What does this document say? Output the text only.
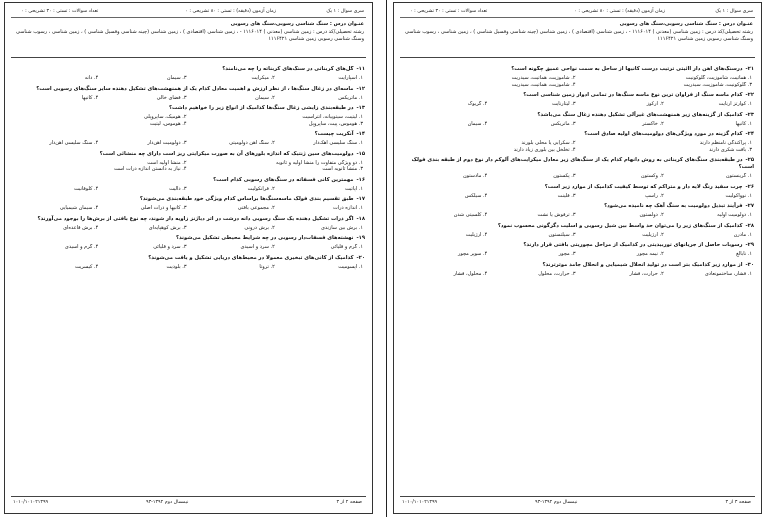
سری سوال : ۱ یک
زمان آزمون (دقیقه) : تستی : ۸۰ تشریحی : ۰
تعداد سوالات : تستی : ۳۰ تشریحی : ۰
عنـوان درس : سنگ شناسی رسوبی،سنگ های رسوبی
رشته تحصیلی/کد درس : زمین شناسی (معدنی ) ۱۱۱۶۰۱۴ - ، زمین شناسی (اقتصادی ) ، زمین شناسی (چینه شناسی وفسیل شناسی ) ، زمین شناسی ، رسوب شناسی وسنگ شناسی رسوبی زمین شناسی ۱۱۱۶۴۲۱
۱۱-گل‌های کربناتی در سنگ‌های کربناته را چه می‌نامند؟
۱. اسپارایت
۲. میکرایت
۳. سیمان
۴. دانه
۱۲-ماسه‌ای در زغال سنگ‌ها ، از نظر ارزش و اهمیت معادل کدام یک از همنهشت‌های تشکیل دهنده سایر سنگ‌های رسوبی است؟
۱. ماتریکس
۲. سیمان
۳. فضای خالی
۴. کانیها
۱۳-در طبقه‌بندی زایشی زغال سنگ‌ها کدامیک از انواع زیر را خواهیم داشت؟
۱. لیتیت، سیتوپیانه، انتراسیت
۲. هومیک، ساپروپلی
۳. هوموس، پیت، ساپروپل
۴. هوموس، لیتیت
۱۴-آنکریت چیست؟
۱. سنگ سلیسی آهک‌دار
۲. سنگ آهن دولومیتی
۳. دولومیت آهن‌دار
۴. سنگ سلیسی آهن‌دار
۱۵-دولومیت‌های سین ژنتیک که اندازه بلورهای آن به صورت میکرایتی ریز است دارای چه منشائی است؟
۱. دو ویژگی متفاوت را منشا اولیه و ثانویه
۲. منشا اولیه است
۳. منشا ثانویه است
۴. نیاز به دانستن اندازه ذرات است
۱۶-مهمترین کانی فسفاته در سنگ‌های رسوبی کدام است؟
۱. آپاتیت
۲. فرانکولیت
۳. دالیت
۴. کلوفانیت
۱۷-طبق تقسیم بندی فولک ماسه‌سنگ‌ها براساس کدام ویژگی خود طبقه‌بندی می‌شوند؟
۱. اندازه ذرات
۲. مجموعی بافتی
۳. کانیها و ذرات اصلی
۴. سیمان شیمیایی
۱۸-اگر ذرات تشکیل دهنده یک سنگ رسوبی دانه درشت در اثر دیاژنز زاویه دار شوند، چه نوع بافتی از برش‌ها را بوجود می‌آورند؟
۱. برش بین سازندی
۲. برش درونی
۳. برش کوهپایه‌ای
۴. برش قاعده‌ای
۱۹-نهشته‌های فسفات‌دار رسوبی در چه شرایط محیطی تشکیل می‌شوند؟
۱. گرم و قلیائی
۲. سرد و اسیدی
۳. سرد و قلیائی
۴. گرم و اسیدی
۲۰-کدامیک از کانی‌های تبخیری معمولا در محیط‌های دریایی تشکیل و یافت می‌شوند؟
۱. اپسومیت
۲. تروتا
۳. بلودیت
۴. کیسریت
۱۰۱۰/۱۰۱۰۲۱۳۹۹	نیمسال دوم ۱۳۹۲-۹۳	صفحه ۲ از ۳
سری سوال : ۱ یک
زمان آزمون (دقیقه) : تستی : ۸۰ تشریحی : ۰
تعداد سوالات : تستی : ۳۰ تشریحی : ۰
عنـوان درس : سنگ شناسی رسوبی،سنگ های رسوبی
رشته تحصیلی/کد درس : زمین شناسی (معدنی ) ۱۱۱۶۰۱۴ - ، زمین شناسی (اقتصادی ) ، زمین شناسی (چینه شناسی وفسیل شناسی ) ، زمین شناسی ، رسوب شناسی وسنگ شناسی رسوبی زمین شناسی ۱۱۱۶۴۲۱
۲۱-درسنگ‌های آهن دار اائیتی ترتیب درست کانیها از ساحل به سمت نواحی عمیق چگونه است؟
۱. هماتیت، شاموزیت، گلوکونیت
۲. شاموزیت، هماتیت، سیدریت
۳. گلوکونیت، شاموزیت، سیدریت
۴. شاموزیت، هماتیت، سیدریت
۲۲-کدام ماسه سنگ از فراوان ترین نوع ماسه سنگ‌ها در تمامی ادوار زمین شناسی است؟
۱. کوارتز آرنایت
۲. آرکوز
۳. لیتارنایت
۴. گریوک
۲۳-کدامیک از گزینه‌های زیر همنهشت‌های غیرآلی تشکیل دهنده زغال سنگ می‌باشد؟
۱. کانیها
۲. خاکستر
۳. ماتریکس
۴. سیمان
۲۴-کدام گزینه در مورد ویژگی‌های دولومیت‌های اولیه صادق است؟
۱. پراکندگی نامنظم دارند
۲. سکرابی یا محلی بلورند
۳. بافت شکری دارند
۴. تخلخل بین بلوری زیاد دارند
۲۵-در طبقه‌بندی سنگ‌های کربناتی به روش دانهام کدام یک از سنگ‌های زیر معادل میکرایت‌های آلوکم دار نوع دوم از طبقه بندی فولک است؟
۱. گرینستون
۲. وکستون
۳. پکستون
۴. مادستون
۲۶-چرت سفید رنگ لایه دار و متراکم که توسط کیفیت کدامیک از موارد زیر است؟
۱. نوواکولیت
۲. راسپ
۳. فلینت
۴. سیلکس
۲۷-فرآیند تبدیل دولومیت به سنگ آهک چه نامیده می‌شود؟
۱. دولومیت اولیه
۲. دولستون
۳. ترفوش یا نشت
۴. کلسیتی شدن
۲۸-کدامیک از سنگ‌های زیر را می‌توان حد واسط بین شیل رسوبی و اسلیت دگرگونی محسوب نمود؟
۱. مادرن
۲. آرژیلیت
۳. سیلتستون
۴. آرژیلیت
۲۹-رسوبات حاصل از جریانهای توربیدیتی در کدامیک از مراحل مچوریتی بافتی قرار دارند؟
۱. نابالغ
۲. نیمه مچور
۳. مچور
۴. سوپر مچور
۳۰-از موارد زیر کدامیک بتر است در تولید انحلال شیمیایی و انحلال جامد موثرترند؟
۱. فشار، ساختمونعادی
۲. حرارت، فشار
۳. حرارت، محلول
۴. محلول، فشار
۱۰۱۰/۱۰۱۰۲۱۳۹۹	نیمسال دوم ۱۳۹۲-۹۳	صفحه ۳ از ۳
